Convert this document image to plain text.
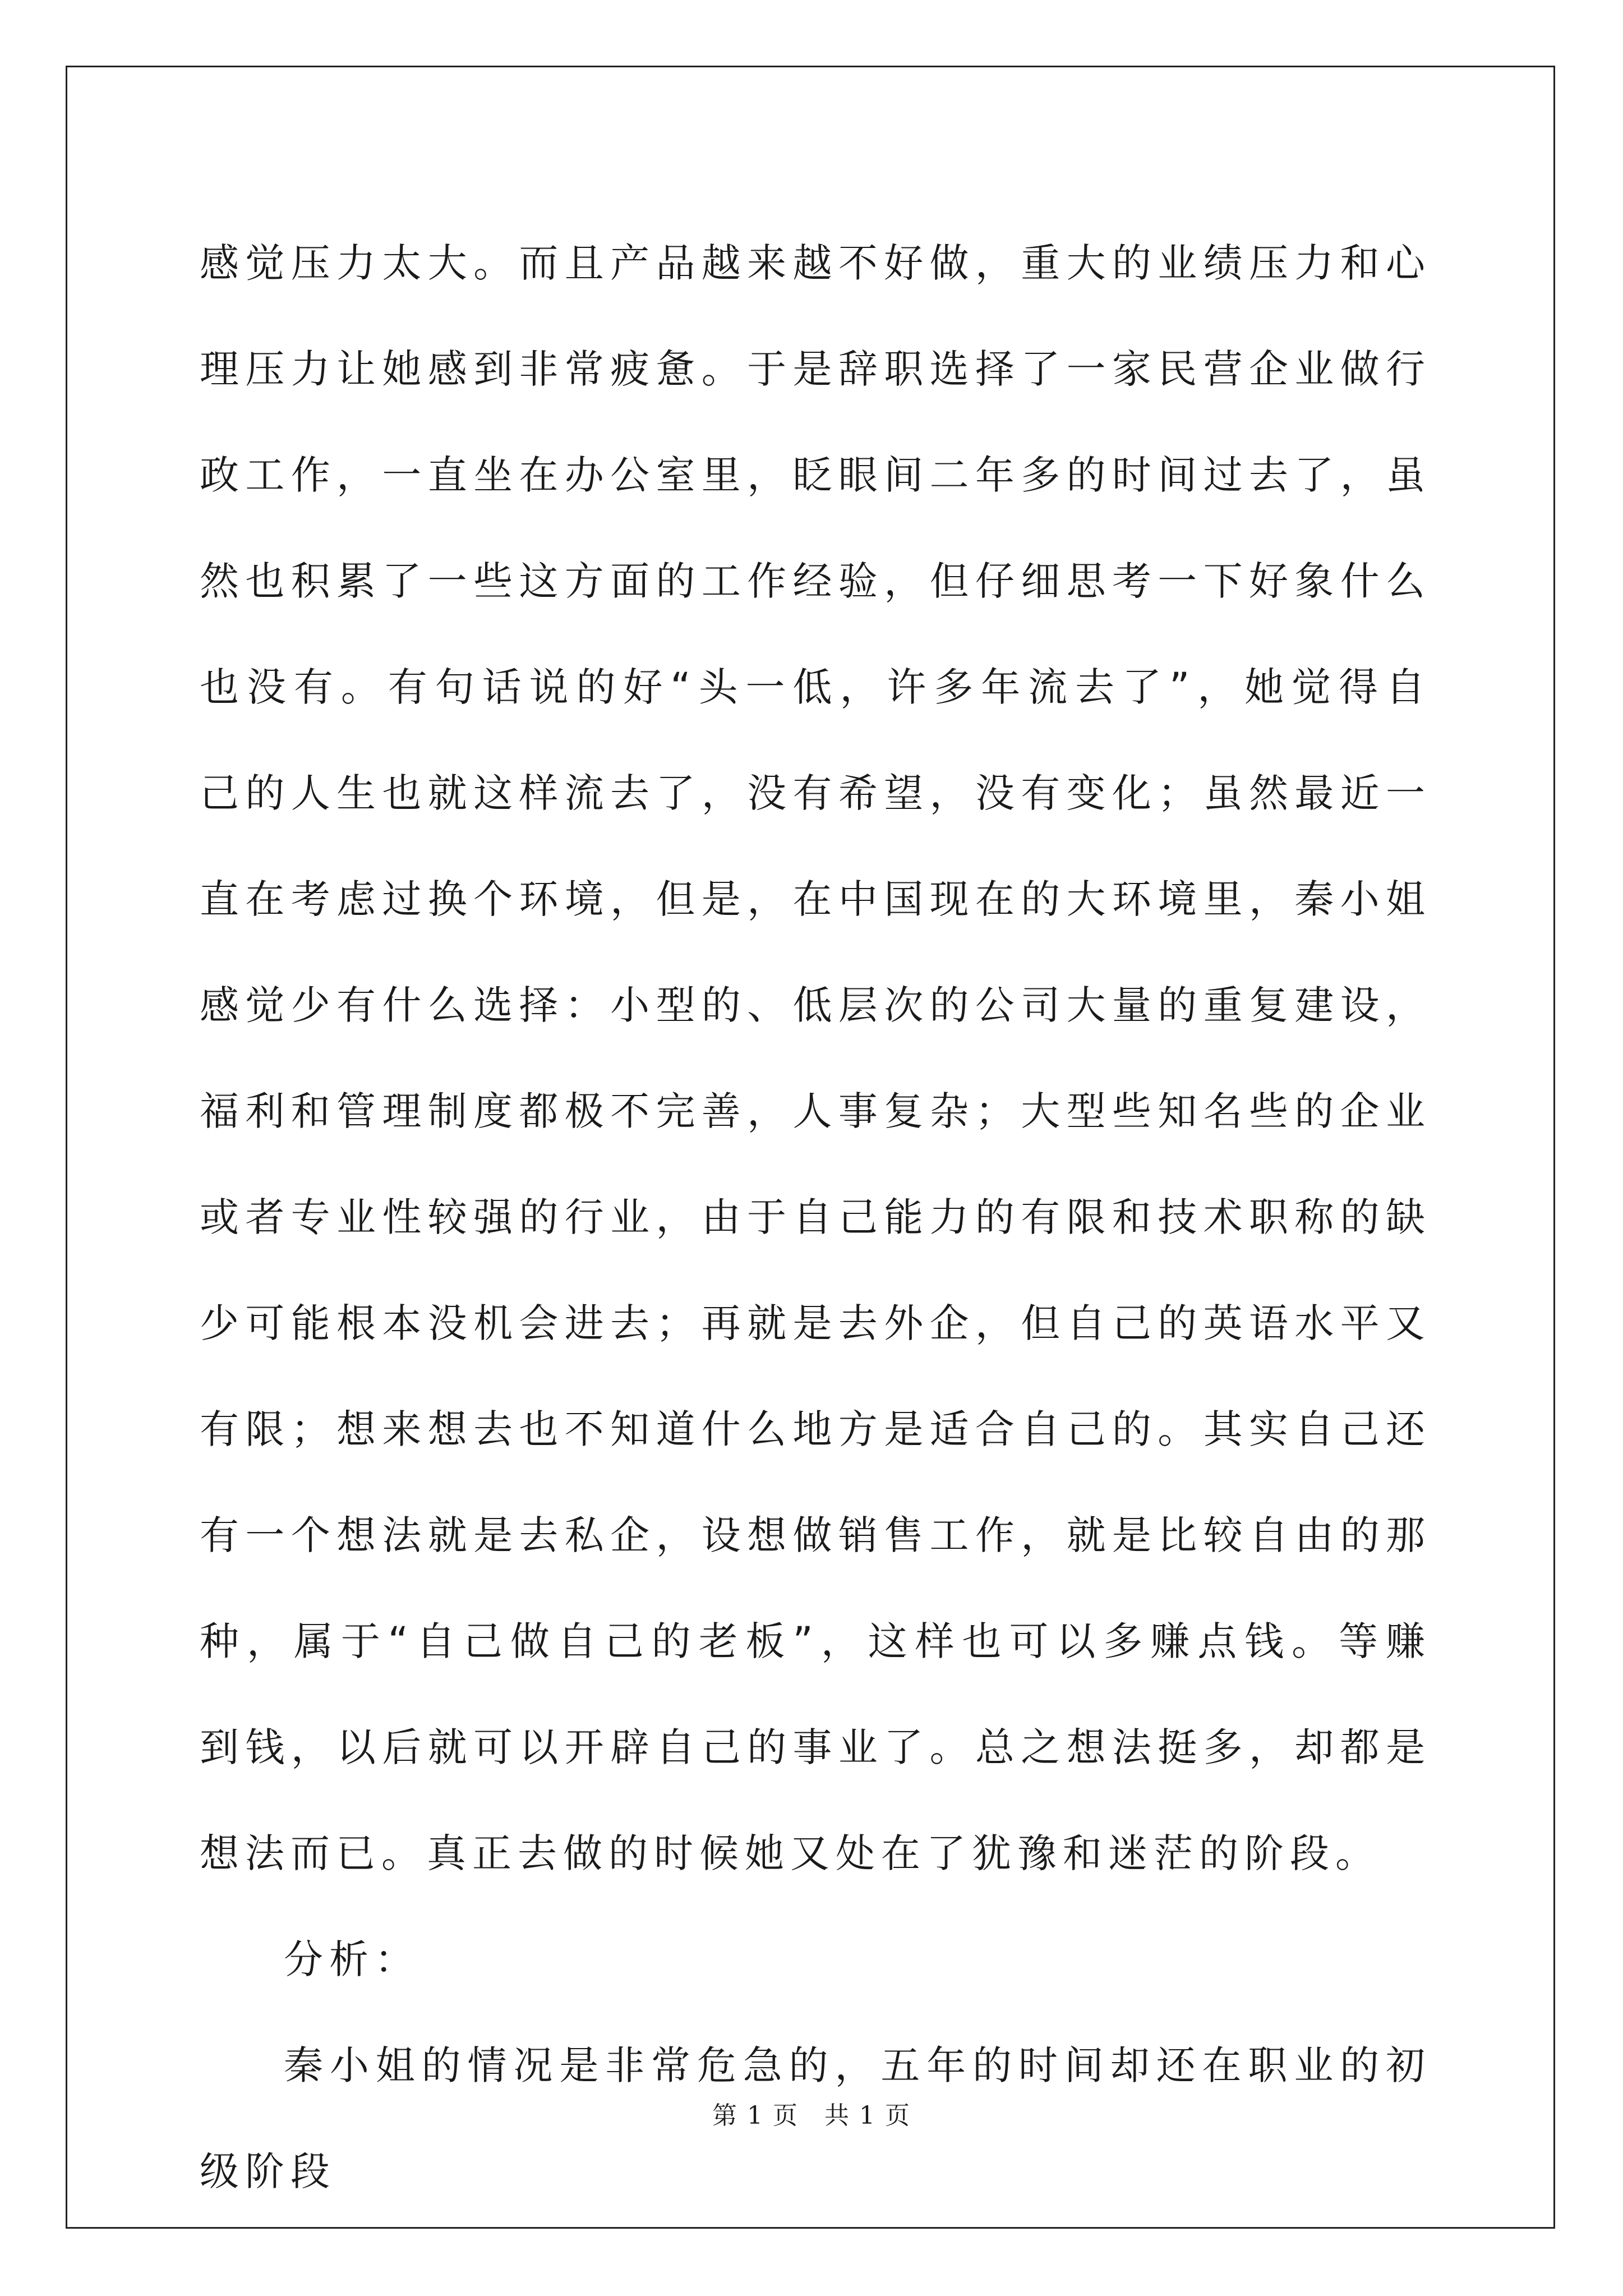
感觉压力太大。而且产品越来越不好做，重大的业绩压力和心理压力让她感到非常疲惫。于是辞职选择了一家民营企业做行政工作，一直坐在办公室里，眨眼间二年多的时间过去了，虽然也积累了一些这方面的工作经验，但仔细思考一下好象什么也没有。有句话说的好“头一低，许多年流去了”，她觉得自己的人生也就这样流去了，没有希望，没有变化；虽然最近一直在考虑过换个环境，但是，在中国现在的大环境里，秦小姐感觉少有什么选择：小型的、低层次的公司大量的重复建设，福利和管理制度都极不完善，人事复杂；大型些知名些的企业或者专业性较强的行业，由于自己能力的有限和技术职称的缺少可能根本没机会进去；再就是去外企，但自己的英语水平又有限；想来想去也不知道什么地方是适合自己的。其实自己还有一个想法就是去私企，设想做销售工作，就是比较自由的那种，属于“自己做自己的老板”，这样也可以多赚点钱。等赚到钱，以后就可以开辟自己的事业了。总之想法挺多，却都是想法而已。真正去做的时候她又处在了犹豫和迷茫的阶段。

分析：

秦小姐的情况是非常危急的，五年的时间却还在职业的初级阶段

第 1 页　共 1 页
